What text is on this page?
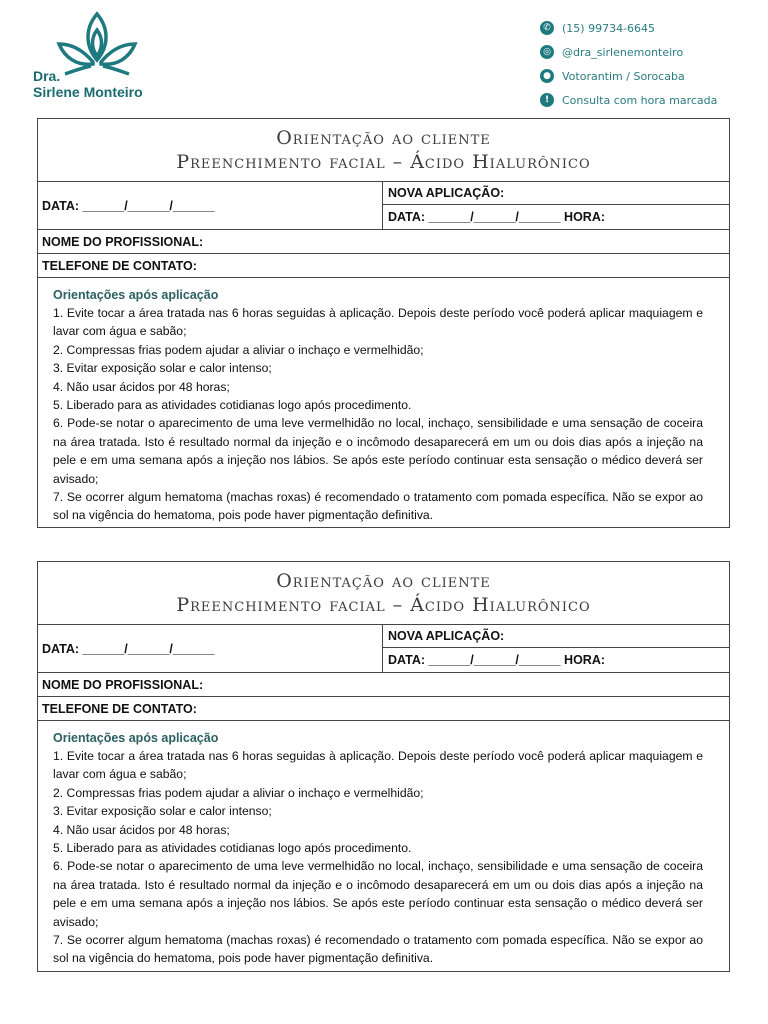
Dra.
Sirlene Monteiro
✆ (15) 99734-6645
◎ @dra_sirlenemonteiro
● Votorantim / Sorocaba
!	Consulta com hora marcada
Orientação ao cliente
Preenchimento facial – Ácido Hialurônico
DATA: ______/______/______
NOVA APLICAÇÃO:
DATA: ______/______/______ HORA:
NOME DO PROFISSIONAL:
TELEFONE DE CONTATO:
Orientações após aplicação
1. Evite tocar a área tratada nas 6 horas seguidas à aplicação. Depois deste período você poderá aplicar maquiagem e lavar com água e sabão;
2. Compressas frias podem ajudar a aliviar o inchaço e vermelhidão;
3. Evitar exposição solar e calor intenso;
4. Não usar ácidos por 48 horas;
5. Liberado para as atividades cotidianas logo após procedimento.
6. Pode-se notar o aparecimento de uma leve vermelhidão no local, inchaço, sensibilidade e uma sensação de coceira na área tratada. Isto é resultado normal da injeção e o incômodo desaparecerá em um ou dois dias após a injeção na pele e em uma semana após a injeção nos lábios. Se após este período continuar esta sensação o médico deverá ser avisado;
7. Se ocorrer algum hematoma (machas roxas) é recomendado o tratamento com pomada específica. Não se expor ao sol na vigência do hematoma, pois pode haver pigmentação definitiva.
Orientação ao cliente
Preenchimento facial – Ácido Hialurônico
DATA: ______/______/______
NOVA APLICAÇÃO:
DATA: ______/______/______ HORA:
NOME DO PROFISSIONAL:
TELEFONE DE CONTATO:
Orientações após aplicação
1. Evite tocar a área tratada nas 6 horas seguidas à aplicação. Depois deste período você poderá aplicar maquiagem e lavar com água e sabão;
2. Compressas frias podem ajudar a aliviar o inchaço e vermelhidão;
3. Evitar exposição solar e calor intenso;
4. Não usar ácidos por 48 horas;
5. Liberado para as atividades cotidianas logo após procedimento.
6. Pode-se notar o aparecimento de uma leve vermelhidão no local, inchaço, sensibilidade e uma sensação de coceira na área tratada. Isto é resultado normal da injeção e o incômodo desaparecerá em um ou dois dias após a injeção na pele e em uma semana após a injeção nos lábios. Se após este período continuar esta sensação o médico deverá ser avisado;
7. Se ocorrer algum hematoma (machas roxas) é recomendado o tratamento com pomada específica. Não se expor ao sol na vigência do hematoma, pois pode haver pigmentação definitiva.
